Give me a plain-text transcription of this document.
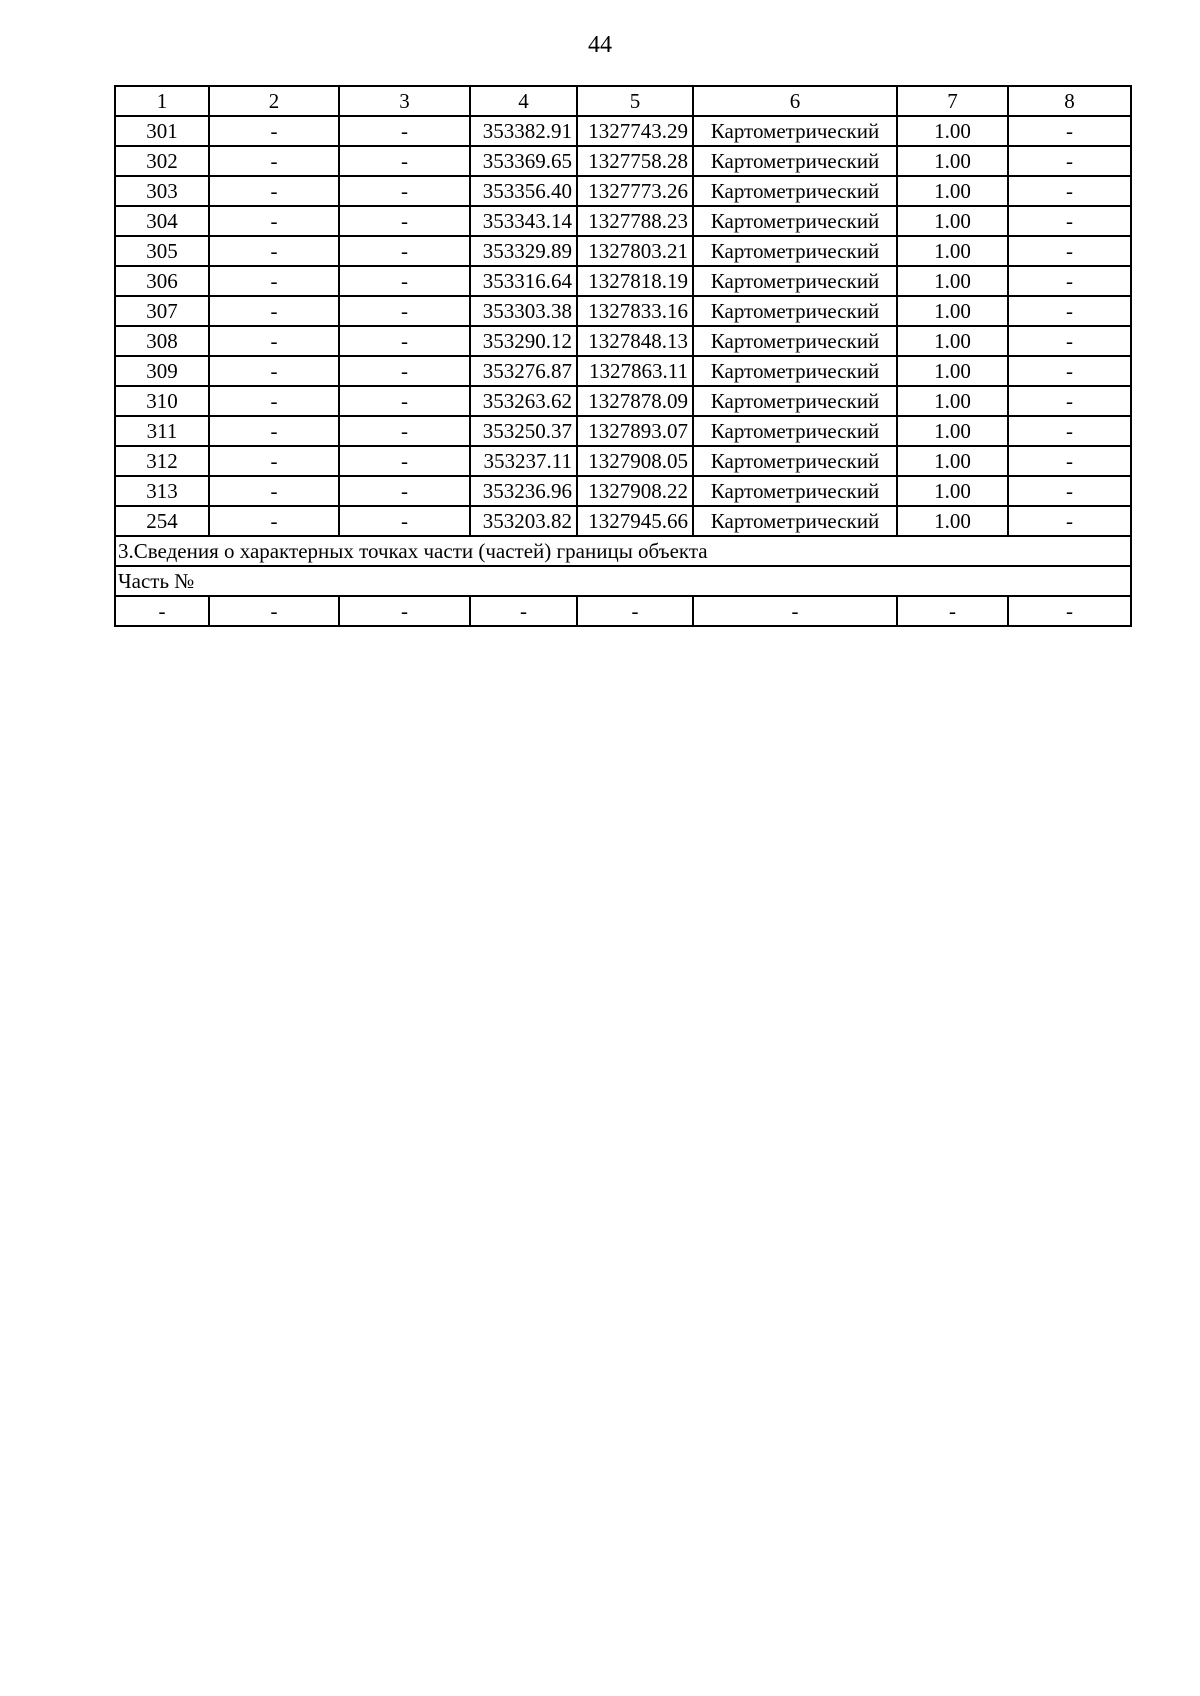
44
1	2	3	4	5	6	7	8
301	-	-	353382.91	1327743.29	Картометрический	1.00	-
302	-	-	353369.65	1327758.28	Картометрический	1.00	-
303	-	-	353356.40	1327773.26	Картометрический	1.00	-
304	-	-	353343.14	1327788.23	Картометрический	1.00	-
305	-	-	353329.89	1327803.21	Картометрический	1.00	-
306	-	-	353316.64	1327818.19	Картометрический	1.00	-
307	-	-	353303.38	1327833.16	Картометрический	1.00	-
308	-	-	353290.12	1327848.13	Картометрический	1.00	-
309	-	-	353276.87	1327863.11	Картометрический	1.00	-
310	-	-	353263.62	1327878.09	Картометрический	1.00	-
311	-	-	353250.37	1327893.07	Картометрический	1.00	-
312	-	-	353237.11	1327908.05	Картометрический	1.00	-
313	-	-	353236.96	1327908.22	Картометрический	1.00	-
254	-	-	353203.82	1327945.66	Картометрический	1.00	-
3.Сведения о характерных точках части (частей) границы объекта							
Часть №							
-	-	-	-	-	-	-	-
